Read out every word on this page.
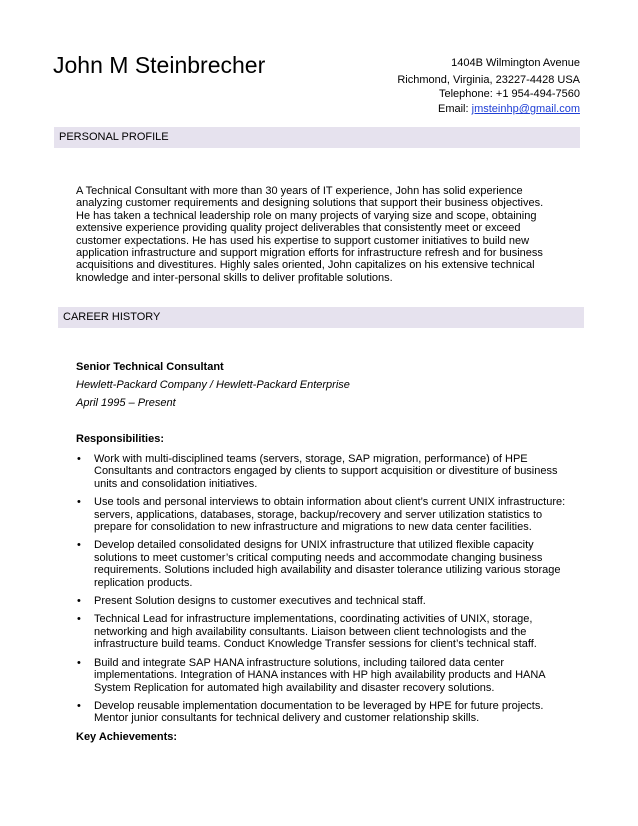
John M Steinbrecher	1404B Wilmington Avenue
Richmond, Virginia, 23227-4428 USA
Telephone: +1 954-494-7560
Email: jmsteinhp@gmail.com
PERSONAL PROFILE
A Technical Consultant with more than 30 years of IT experience, John has solid experience analyzing customer requirements and designing solutions that support their business objectives. He has taken a technical leadership role on many projects of varying size and scope, obtaining extensive experience providing quality project deliverables that consistently meet or exceed customer expectations. He has used his expertise to support customer initiatives to build new application infrastructure and support migration efforts for infrastructure refresh and for business acquisitions and divestitures. Highly sales oriented, John capitalizes on his extensive technical knowledge and inter-personal skills to deliver profitable solutions.
CAREER HISTORY
Senior Technical Consultant
Hewlett-Packard Company / Hewlett-Packard Enterprise
April 1995 – Present
Responsibilities:
• Work with multi-disciplined teams (servers, storage, SAP migration, performance) of HPE Consultants and contractors engaged by clients to support acquisition or divestiture of business units and consolidation initiatives.
• Use tools and personal interviews to obtain information about client’s current UNIX infrastructure: servers, applications, databases, storage, backup/recovery and server utilization statistics to prepare for consolidation to new infrastructure and migrations to new data center facilities.
• Develop detailed consolidated designs for UNIX infrastructure that utilized flexible capacity solutions to meet customer’s critical computing needs and accommodate changing business requirements. Solutions included high availability and disaster tolerance utilizing various storage replication products.
• Present Solution designs to customer executives and technical staff.
• Technical Lead for infrastructure implementations, coordinating activities of UNIX, storage, networking and high availability consultants. Liaison between client technologists and the infrastructure build teams. Conduct Knowledge Transfer sessions for client’s technical staff.
• Build and integrate SAP HANA infrastructure solutions, including tailored data center implementations. Integration of HANA instances with HP high availability products and HANA System Replication for automated high availability and disaster recovery solutions.
• Develop reusable implementation documentation to be leveraged by HPE for future projects. Mentor junior consultants for technical delivery and customer relationship skills.
Key Achievements:
